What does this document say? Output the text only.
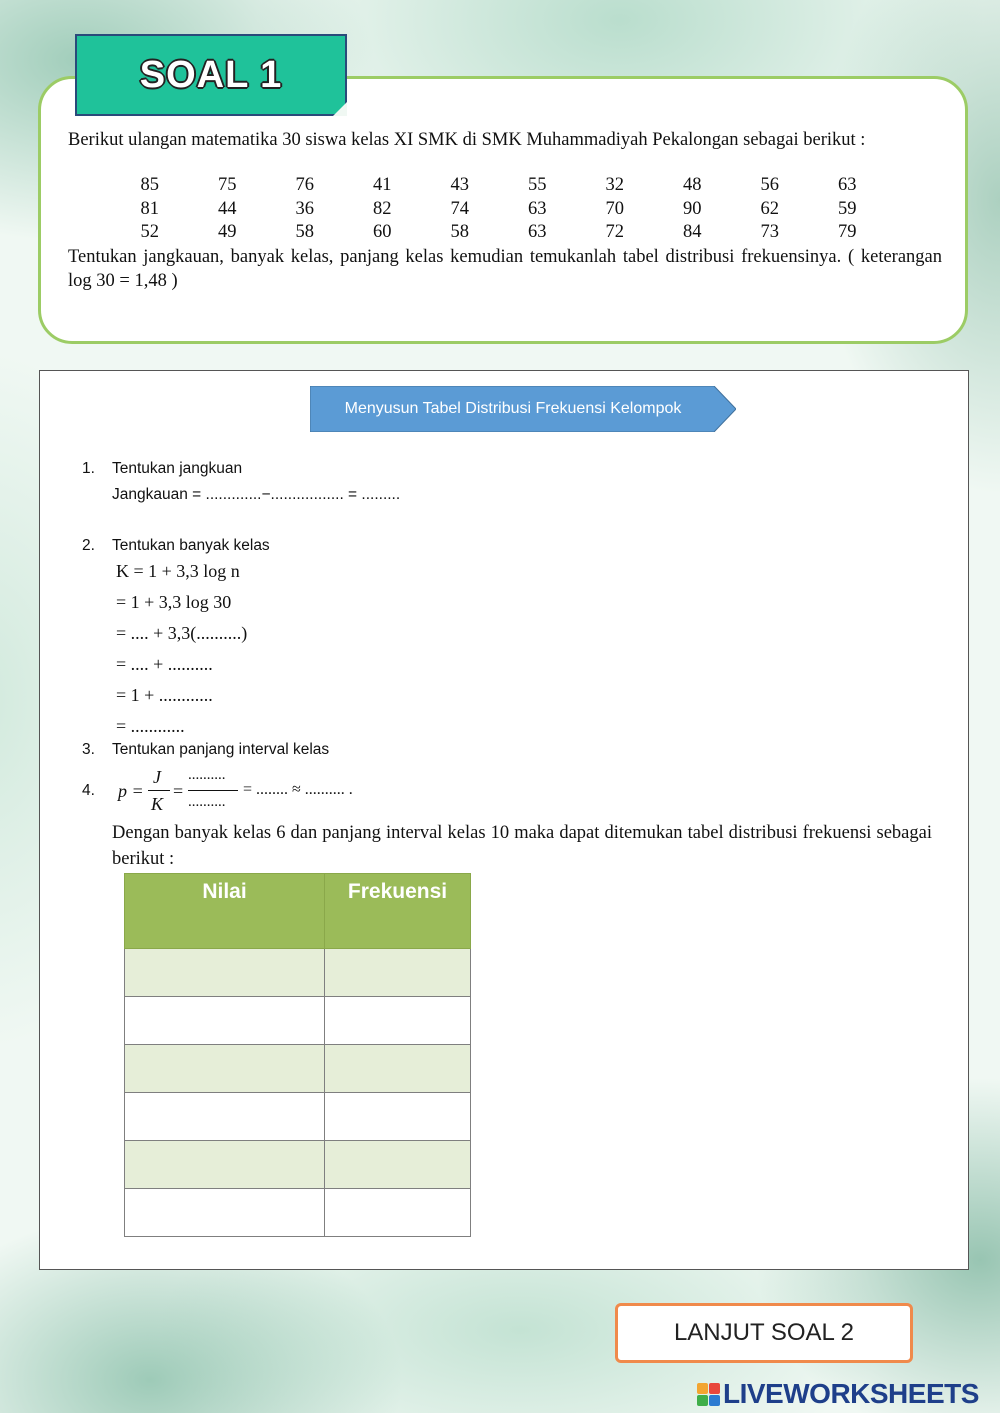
SOAL 1
Berikut ulangan matematika 30 siswa kelas XI SMK di SMK Muhammadiyah Pekalongan sebagai berikut :
85	75	76	41	43	55	32	48	56	63
81	44	36	82	74	63	70	90	62	59
52	49	58	60	58	63	72	84	73	79
Tentukan jangkauan, banyak kelas, panjang kelas kemudian temukanlah tabel distribusi frekuensinya. ( keterangan log 30 = 1,48 )
Menyusun Tabel Distribusi Frekuensi Kelompok
1. Tentukan jangkuan
Jangkauan = .............−................. = .........
2. Tentukan banyak kelas
K = 1 + 3,3 log n
= 1 + 3,3 log 30
= .... + 3,3(..........)
= .... + ..........
= 1 + ............
= ............
3. Tentukan panjang interval kelas
4. p =
J
K
=
..........
..........
= ........ ≈ .......... .
Dengan banyak kelas 6 dan panjang interval kelas 10 maka dapat ditemukan tabel distribusi frekuensi sebagai berikut :
Nilai	Frekuensi

LANJUT SOAL 2
LIVEWORKSHEETS
